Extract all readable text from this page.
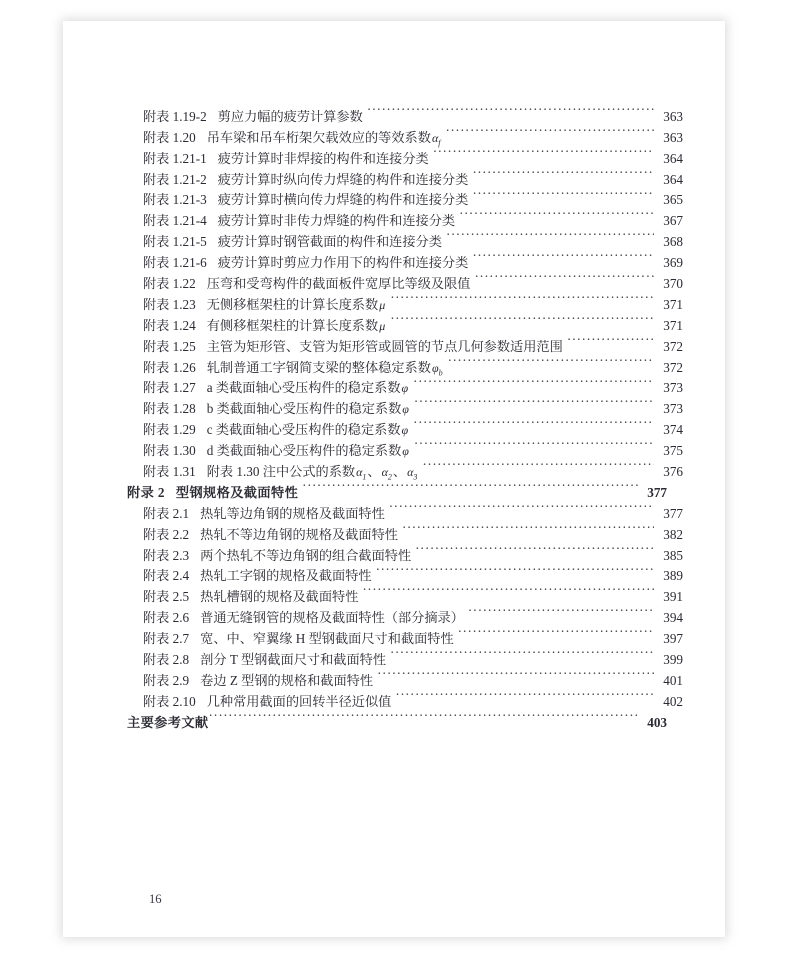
附表 1.19-2 剪应力幅的疲劳计算参数 ·····	363
附表 1.20 吊车梁和吊车桁架欠载效应的等效系数 $\alpha_f$ ·····	363
附表 1.21-1 疲劳计算时非焊接的构件和连接分类 ·····	364
附表 1.21-2 疲劳计算时纵向传力焊缝的构件和连接分类 ·····	364
附表 1.21-3 疲劳计算时横向传力焊缝的构件和连接分类 ·····	365
附表 1.21-4 疲劳计算时非传力焊缝的构件和连接分类 ·····	367
附表 1.21-5 疲劳计算时钢管截面的构件和连接分类 ·····	368
附表 1.21-6 疲劳计算时剪应力作用下的构件和连接分类 ·····	369
附表 1.22 压弯和受弯构件的截面板件宽厚比等级及限值 ·····	370
附表 1.23 无侧移框架柱的计算长度系数 μ ·····	371
附表 1.24 有侧移框架柱的计算长度系数 μ ·····	371
附表 1.25 主管为矩形管、支管为矩形管或圆管的节点几何参数适用范围 ·····	372
附表 1.26 轧制普通工字钢简支梁的整体稳定系数 $\varphi_b$ ·····	372
附表 1.27 a 类截面轴心受压构件的稳定系数 φ ·····	373
附表 1.28 b 类截面轴心受压构件的稳定系数 φ ·····	373
附表 1.29 c 类截面轴心受压构件的稳定系数 φ ·····	374
附表 1.30 d 类截面轴心受压构件的稳定系数 φ ·····	375
附表 1.31 附表 1.30 注中公式的系数 $\alpha_1$、$\alpha_2$、$\alpha_3$ ·····	376
附录 2 型钢规格及截面特性 ·····	377
附表 2.1 热轧等边角钢的规格及截面特性 ·····	377
附表 2.2 热轧不等边角钢的规格及截面特性 ·····	382
附表 2.3 两个热轧不等边角钢的组合截面特性 ·····	385
附表 2.4 热轧工字钢的规格及截面特性 ·····	389
附表 2.5 热轧槽钢的规格及截面特性 ·····	391
附表 2.6 普通无缝钢管的规格及截面特性（部分摘录） ·····	394
附表 2.7 宽、中、窄翼缘 H 型钢截面尺寸和截面特性 ·····	397
附表 2.8 剖分 T 型钢截面尺寸和截面特性 ·····	399
附表 2.9 卷边 Z 型钢的规格和截面特性 ·····	401
附表 2.10 几种常用截面的回转半径近似值 ·····	402
主要参考文献 ·····	403
16
